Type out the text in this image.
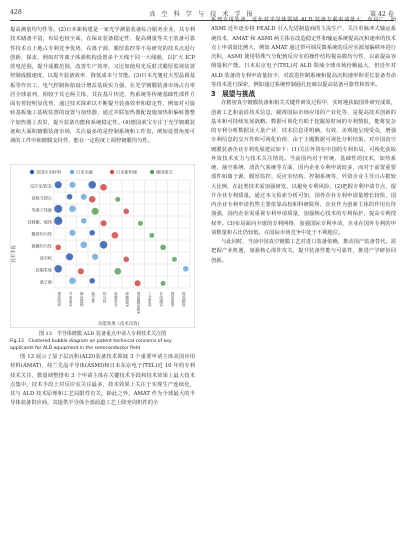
428	真 空 科 学 与 技 术 学 报	第 42 卷

提高测量均匀性等。(2)日本新构建是一家光学测量装备综合服务企业，其专利技术储备丰富，布局也较全面，在保证装备稳定性、提高测量等关于装备可靠性技术点上地占专利竞争优势，在离子源、膜厚监控等不易研究的技术点进行创新，探求，例如对等离子体源机构设置多个天线干同一大线圈，以扩大 ICP 放电范围，提升成膜范围，改善生产效率，又比如使用光反射式膜厚监视装置控制成膜速度，以提升装备效率、降低成本与节能。(3)日本光驰对大型晶圆基板等作出工，电气控制和拍设计增益基板实力强，在光学镀膜装备市场占有率居全球前列，相较于其它两主体，其在基片传送、热系统等传统基础性部件方面有着较明显优势，通过技术探索以不断提升装备效率和稳定性，例如对可旋转基板施工基板装置的设置与加热器，通过并联加热器配设施加热和偏转器整个加热器上表里，提升装备功能和系统稳定性。(4)德国莱宝专注于光学镀膜装备和大面积镀膜装备市场，关注最多的是控制系统和工件盘，例如设置角度可调的工件中和镀膜支持件，能在一定程度上调控镀膜均匀性。

美国应用材料	日本光驰	日本新构建	德国莱宝
反应室/腔室
基板支撑台
等离子体源
装载舱、载体
膜厚均匀性
镀膜均匀性
真空机
控制系统
离子源
提高效率	节省成本	降低能耗	稳定性	均匀性	装置安全	薄膜质量	提高膜层质量	工艺复杂	在线测试	提高密度	提高精度
功能效果（技术功效）
技术手段
图 13　半导体镀膜 ALD 装备重点申请人专利技术关注图
Fig.13　Clustered bubble diagram on patent technical concerns of key applicants for ALD equipment in the semiconductor field

图 13 展示了原子层沉积(ALD)装备技术领域 3 个重要申请主体美国应用材料(AMAT)、荷兰先晶半导体(ASMI)和日本东京电子(TEL)近 10 年的专利技术关注，数量调整排布 3 个申请主体在关键技术手段和技术效果上最大技术点集中，技术手段上对反应室关注最多，技术效果上关注于实现生产连续化，其与 ALD 技术原理和工艺局限性有关，除此之外，AMAT 作为全球最大的半导体装备供应商，其提供半导体全部前道工艺上降充周机件的全

系列专用装备，近年对半导体领域 ALD 装备专利申请量大、布局广，而 ASMI 近年逐步将 PEALD 引入先进制造商的主流生产，关注单脉冲式输运系统技术，AMAT 和 ASMI 两主体在改造稳定性和输运系统提高沉积速率的技术点上申请量比例大，例如 AMAT 通过带可调反馈系统的反应室源加偏移环进行沉积，ASMI 使用特殊气分配到反应室的操作结构提高膜均匀性，以前提高容纳量和产能。日本东京电子(TEL)对 ALD 领域全球市场份额最大，但近年对 ALD 装备的专利申请量较少，对改进控制系统和提高沉积速率和更长装备寿命等技术进行探索，例如通过系统控制通孔轮廓以提高装备可靠性和效率。

3　展望与挑战

在精密真空镀膜装备和相关关键件研发过程中，实时地获取国外研究成果，创新工艺和前沿技术信息，瞄准国际市场应用的产业化等，是提高技术创新的基本和可持续发展战略。数据可视化有助于挖掘原时间的专利情报，能将复杂的专利分析数据及大量产业、技术信息更明确、有效、美观地呈现受众，增强专利信息的交互性和可视化价值，由于主题数据可视化分析结果，对中国真空镀膜装备企业专利发展建议如下：(1)关注外资在中国的专利布局，可视化获取外资技术实力与技术关注情况。当前国内对于传统、基础性的技术，如热系统、抽空系统、清洗气系统等方面，国内企业专利申请较多，而对于前置重要部件如离子源、膜厚监控、反应室结构、控制系统等，外资企业主导且占据较大比例，在此类技术需加强研发，以避免专利风险。(2)把握专利申请节点，提升企业专利质量。通过本文检索分析可知，国外企业专利申请量增长较快，国内企业专利申请仍然主要依靠高校和科研院所，企业作为创新主体的作用有待加强，国内企业需重视专利申请质量，加强核心技术的专利保护，提高专利授权率。(3)布局面向全球的专利网络，加强国际专利申请，企业在国外专利的申请数量和占比仍较低，在国际市场竞争中处于不利地位。

与此同时，当前中国真空镀膜工艺对进口装备依赖，推动国产装备替代，需把握产业机遇，加强核心部件攻关，提升装备性能与可靠性，推进产学研协同创新。
